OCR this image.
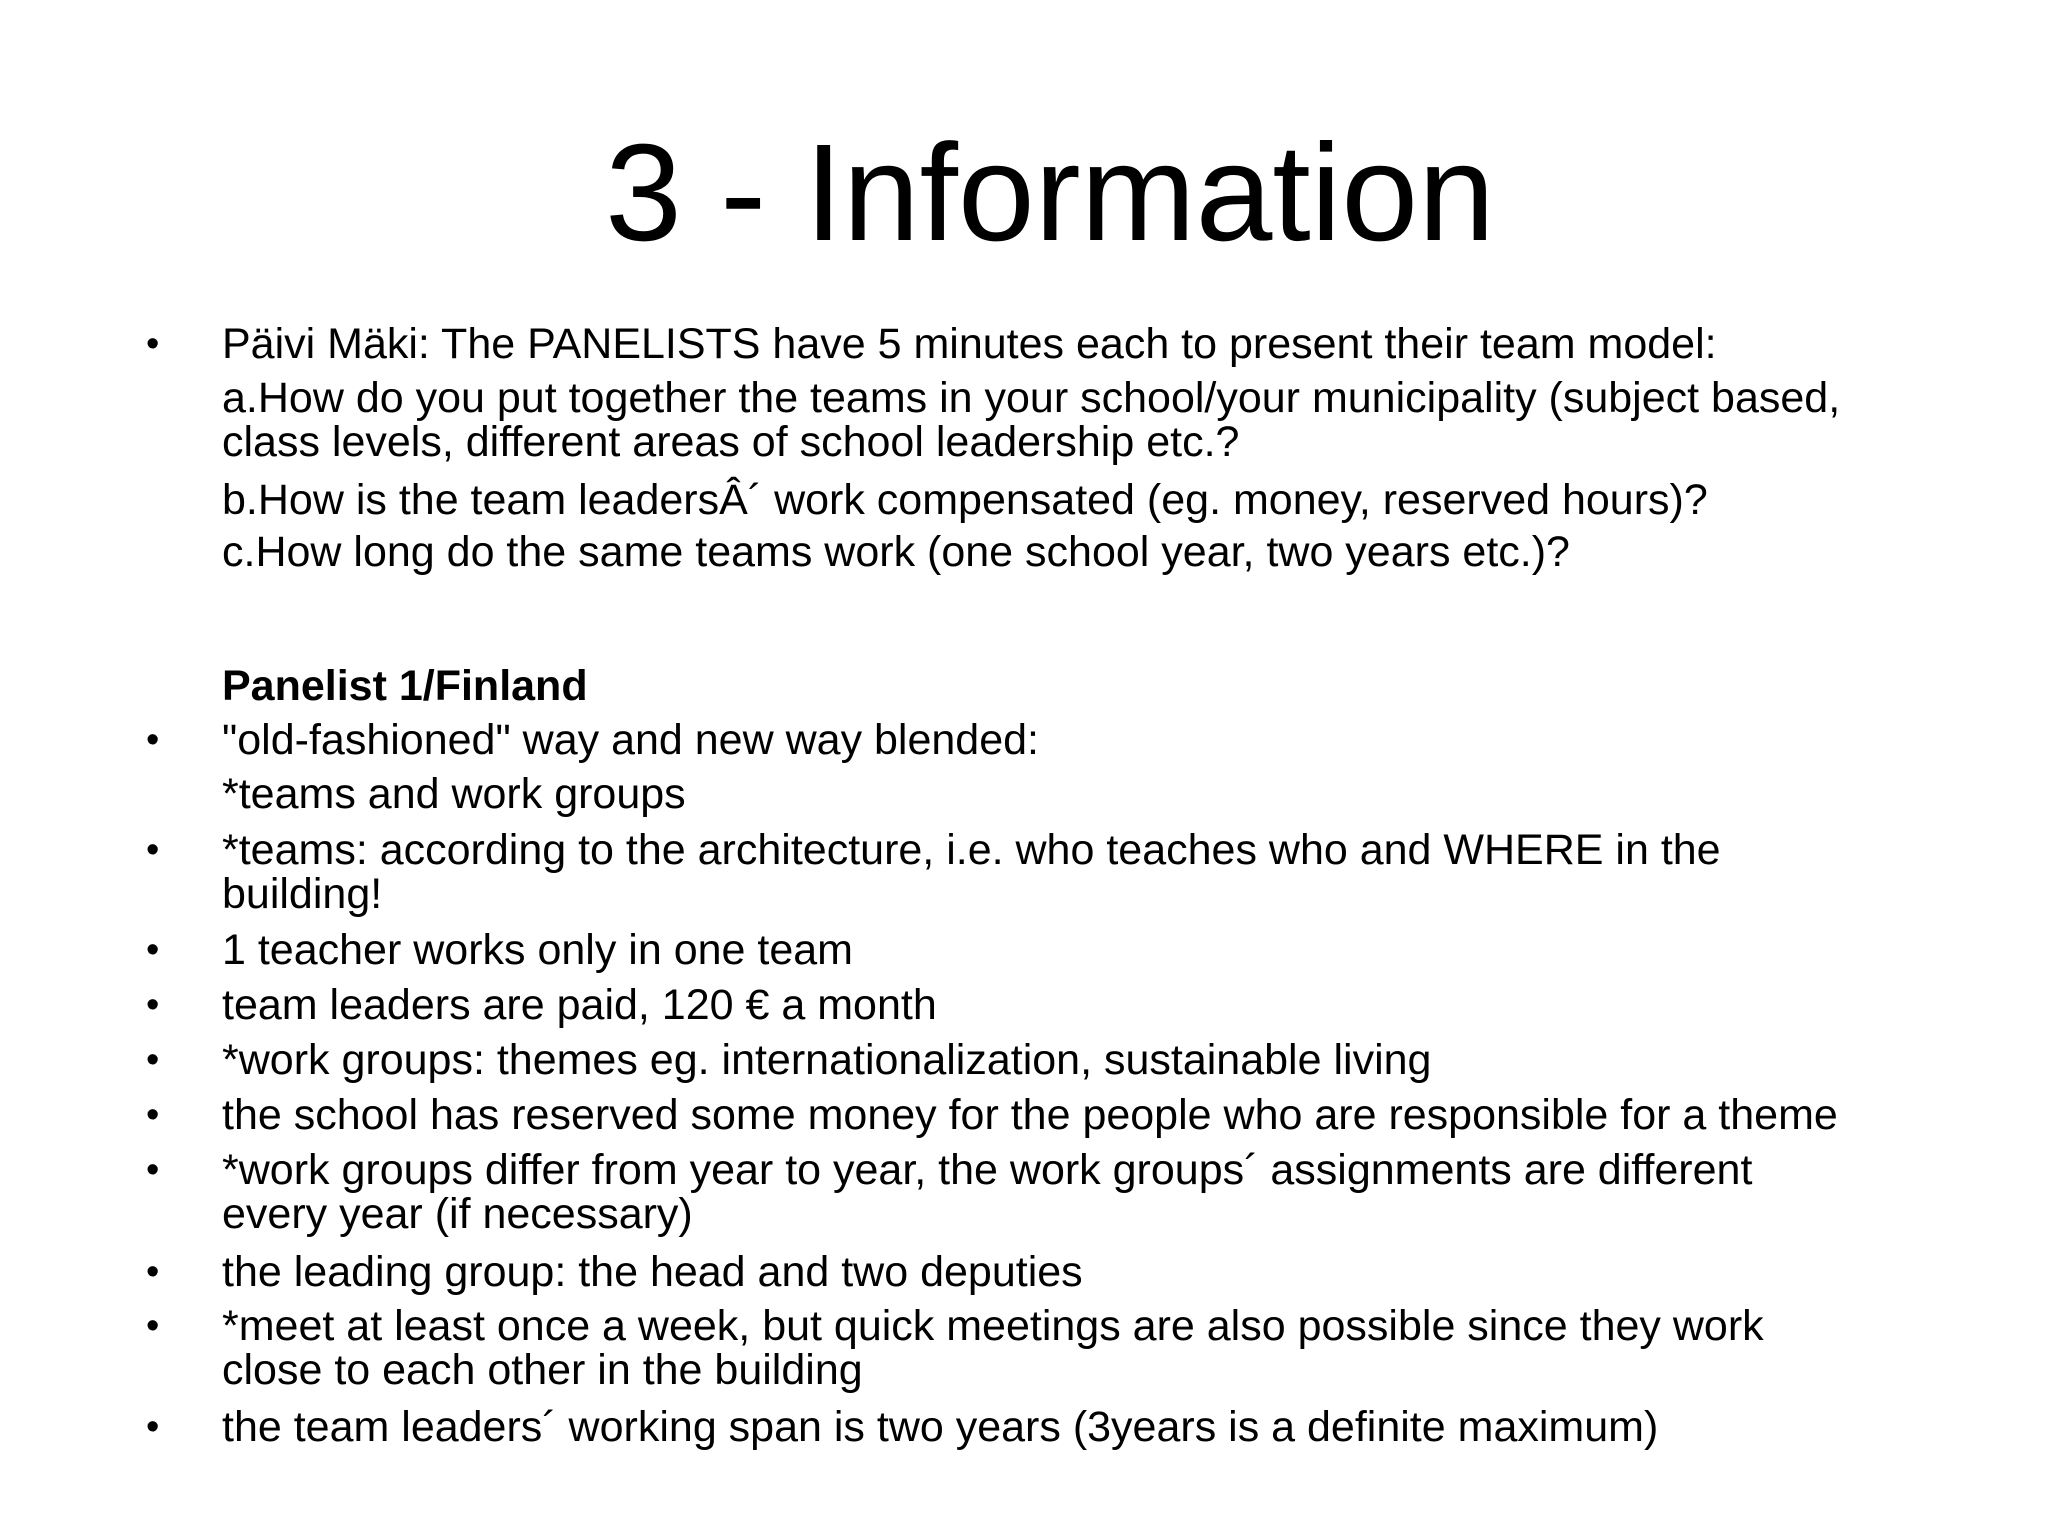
3 - Information
•	Päivi Mäki: The PANELISTS have 5 minutes each to present their team model:
a.How do you put together the teams in your school/your municipality (subject based,
class levels, different areas of school leadership etc.?
b.How is the team leadersÂ´ work compensated (eg. money, reserved hours)?
c.How long do the same teams work (one school year, two years etc.)?
Panelist 1/Finland
•	"old-fashioned" way and new way blended:
*teams and work groups
•	*teams: according to the architecture, i.e. who teaches who and WHERE in the
building!
•	1 teacher works only in one team
•	team leaders are paid, 120 € a month
•	*work groups: themes eg. internationalization, sustainable living
•	the school has reserved some money for the people who are responsible for a theme
•	*work groups differ from year to year, the work groups´ assignments are different
every year (if necessary)
•	the leading group: the head and two deputies
•	*meet at least once a week, but quick meetings are also possible since they work
close to each other in the building
•	the team leaders´ working span is two years (3years is a definite maximum)
